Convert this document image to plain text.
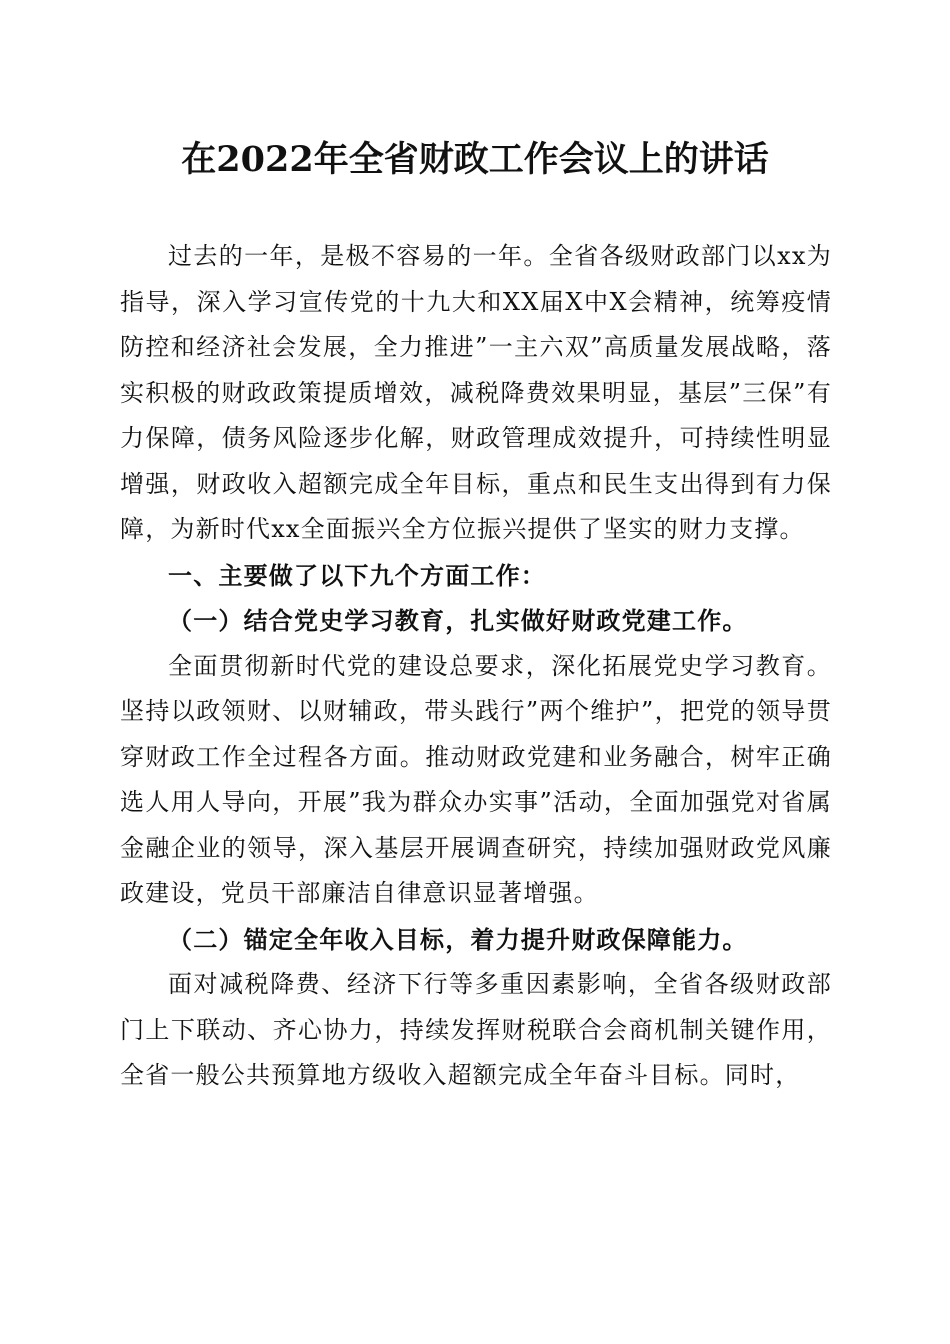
在2022年全省财政工作会议上的讲话

过去的一年，是极不容易的一年。全省各级财政部门以xx为指导，深入学习宣传党的十九大和XX届X中X会精神，统筹疫情防控和经济社会发展，全力推进”一主六双”高质量发展战略，落实积极的财政政策提质增效，减税降费效果明显，基层”三保”有力保障，债务风险逐步化解，财政管理成效提升，可持续性明显增强，财政收入超额完成全年目标，重点和民生支出得到有力保障，为新时代xx全面振兴全方位振兴提供了坚实的财力支撑。

一、主要做了以下九个方面工作：

（一）结合党史学习教育，扎实做好财政党建工作。

全面贯彻新时代党的建设总要求，深化拓展党史学习教育。坚持以政领财、以财辅政，带头践行”两个维护”，把党的领导贯穿财政工作全过程各方面。推动财政党建和业务融合，树牢正确选人用人导向，开展”我为群众办实事”活动，全面加强党对省属金融企业的领导，深入基层开展调查研究，持续加强财政党风廉政建设，党员干部廉洁自律意识显著增强。

（二）锚定全年收入目标，着力提升财政保障能力。

面对减税降费、经济下行等多重因素影响，全省各级财政部门上下联动、齐心协力，持续发挥财税联合会商机制关键作用，全省一般公共预算地方级收入超额完成全年奋斗目标。同时，
